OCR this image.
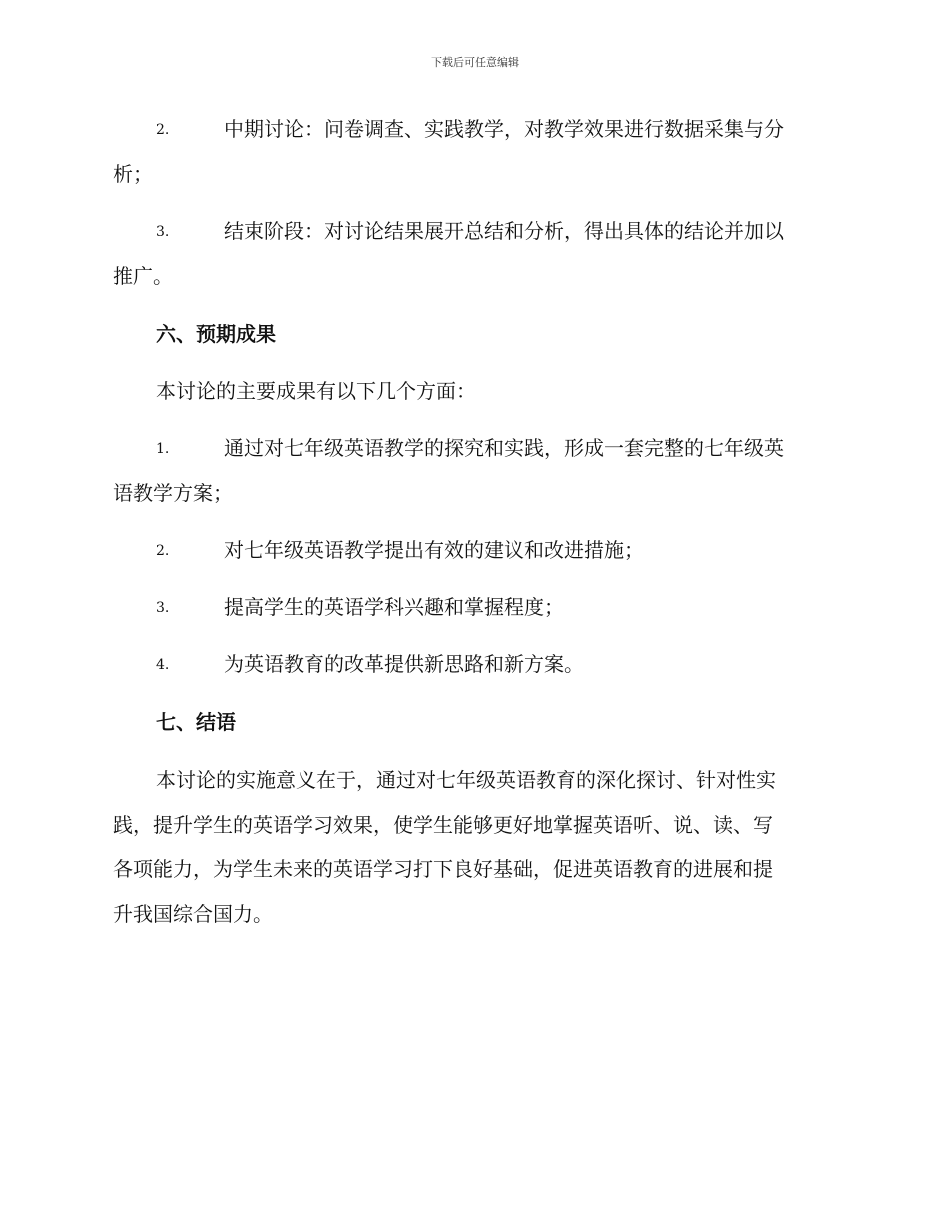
下载后可任意编辑
2.	中期讨论：问卷调查、实践教学，对教学效果进行数据采集与分
析；
3.	结束阶段：对讨论结果展开总结和分析，得出具体的结论并加以
推广。
六、预期成果
本讨论的主要成果有以下几个方面：
1.	通过对七年级英语教学的探究和实践，形成一套完整的七年级英
语教学方案；
2.	对七年级英语教学提出有效的建议和改进措施；
3.	提高学生的英语学科兴趣和掌握程度；
4.	为英语教育的改革提供新思路和新方案。
七、结语
本讨论的实施意义在于，通过对七年级英语教育的深化探讨、针对性实
践，提升学生的英语学习效果，使学生能够更好地掌握英语听、说、读、写
各项能力，为学生未来的英语学习打下良好基础，促进英语教育的进展和提
升我国综合国力。
